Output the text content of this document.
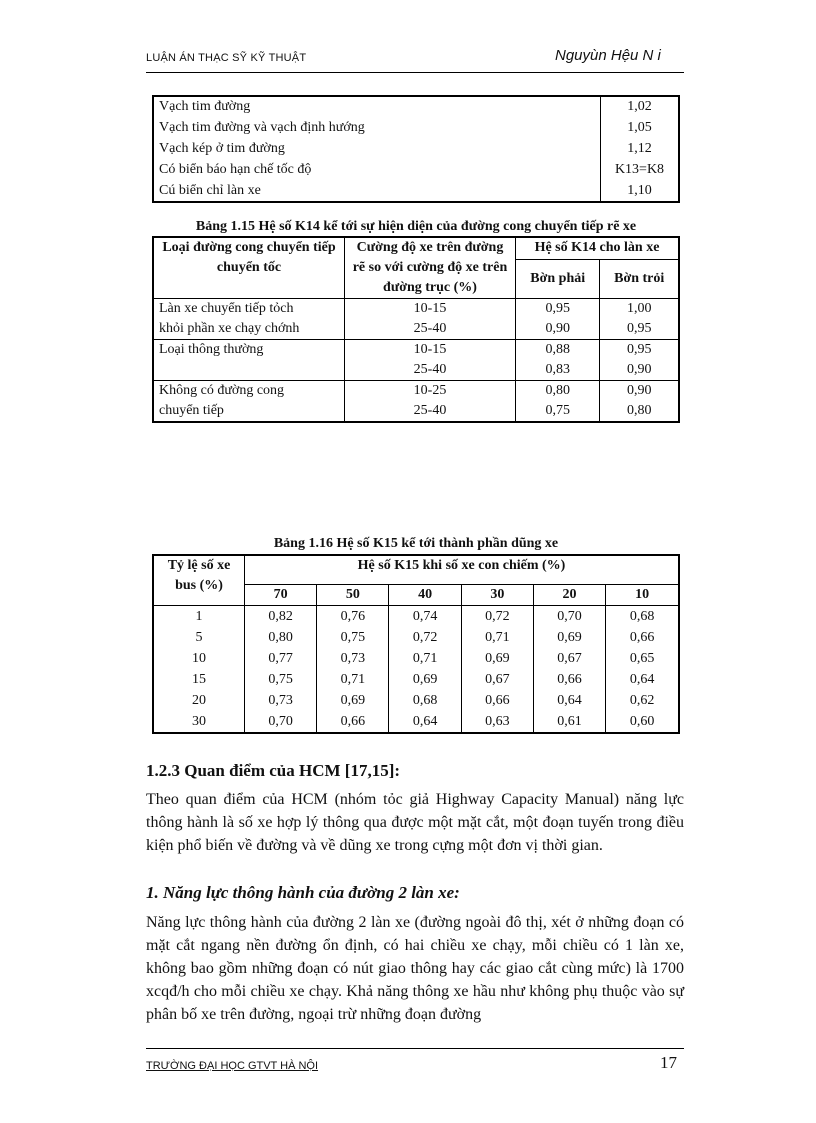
LUẬN ÁN THẠC SỸ KỸ THUẬT	Nguyùn Hệu N i
Vạch tim đường	1,02
Vạch tim đường và vạch định hướng	1,05
Vạch kép ở tim đường	1,12
Có biển báo hạn chế tốc độ	K13=K8
Cú biển chỉ làn xe	1,10
Bảng 1.15 Hệ số K14 kể tới sự hiện diện của đường cong chuyển tiếp rẽ xe
Loại đường cong chuyển tiếp chuyển tốc	Cường độ xe trên đường rẽ so với cường độ xe trên đường trục (%)	Hệ số K14 cho làn xe	
		Bờn phải	Bờn trỏi
Làn xe chuyển tiếp tỏch	10-15	0,95	1,00
khỏi phần xe chạy chớnh	25-40	0,90	0,95
Loại thông thường	10-15	0,88	0,95
	25-40	0,83	0,90
Không có đường cong	10-25	0,80	0,90
chuyển tiếp	25-40	0,75	0,80
Bảng 1.16 Hệ số K15 kể tới thành phần dũng xe
Tỷ lệ số xe bus (%)	Hệ số K15 khi số xe con chiếm (%)					
	70	50	40	30	20	10
1	0,82	0,76	0,74	0,72	0,70	0,68
5	0,80	0,75	0,72	0,71	0,69	0,66
10	0,77	0,73	0,71	0,69	0,67	0,65
15	0,75	0,71	0,69	0,67	0,66	0,64
20	0,73	0,69	0,68	0,66	0,64	0,62
30	0,70	0,66	0,64	0,63	0,61	0,60
1.2.3 Quan điểm của HCM [17,15]:
Theo quan điểm của HCM (nhóm tỏc giả Highway Capacity Manual) năng lực thông hành là số xe hợp lý thông qua được một mặt cắt, một đoạn tuyến trong điều kiện phổ biến về đường và về dũng xe trong cựng một đơn vị thời gian.
1. Năng lực thông hành của đường 2 làn xe:
Năng lực thông hành của đường 2 làn xe (đường ngoài đô thị, xét ở những đoạn có mặt cắt ngang nền đường ổn định, có hai chiều xe chạy, mỗi chiều có 1 làn xe, không bao gồm những đoạn có nút giao thông hay các giao cắt cùng mức) là 1700 xcqđ/h cho mỗi chiều xe chạy. Khả năng thông xe hầu như không phụ thuộc vào sự phân bố xe trên đường, ngoại trừ những đoạn đường
TRƯỜNG ĐẠI HỌC GTVT HÀ NỘI	17
